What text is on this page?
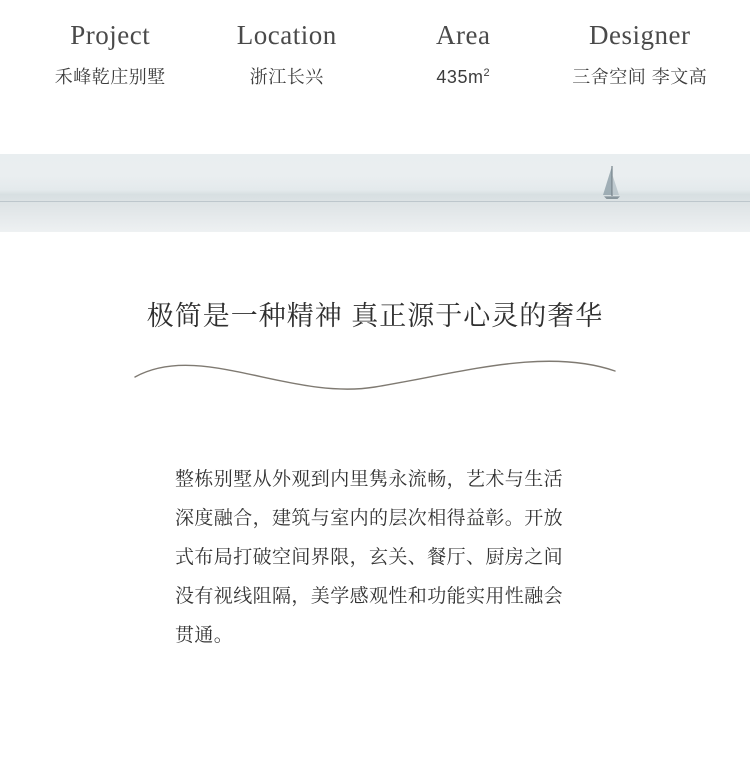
Project
禾峰乾庄别墅
Location
浙江长兴
Area
$435m^2$
Designer
三舍空间 李文高
极简是一种精神 真正源于心灵的奢华
整栋别墅从外观到内里隽永流畅，艺术与生活深度融合，建筑与室内的层次相得益彰。开放式布局打破空间界限，玄关、餐厅、厨房之间没有视线阻隔，美学感观性和功能实用性融会贯通。
